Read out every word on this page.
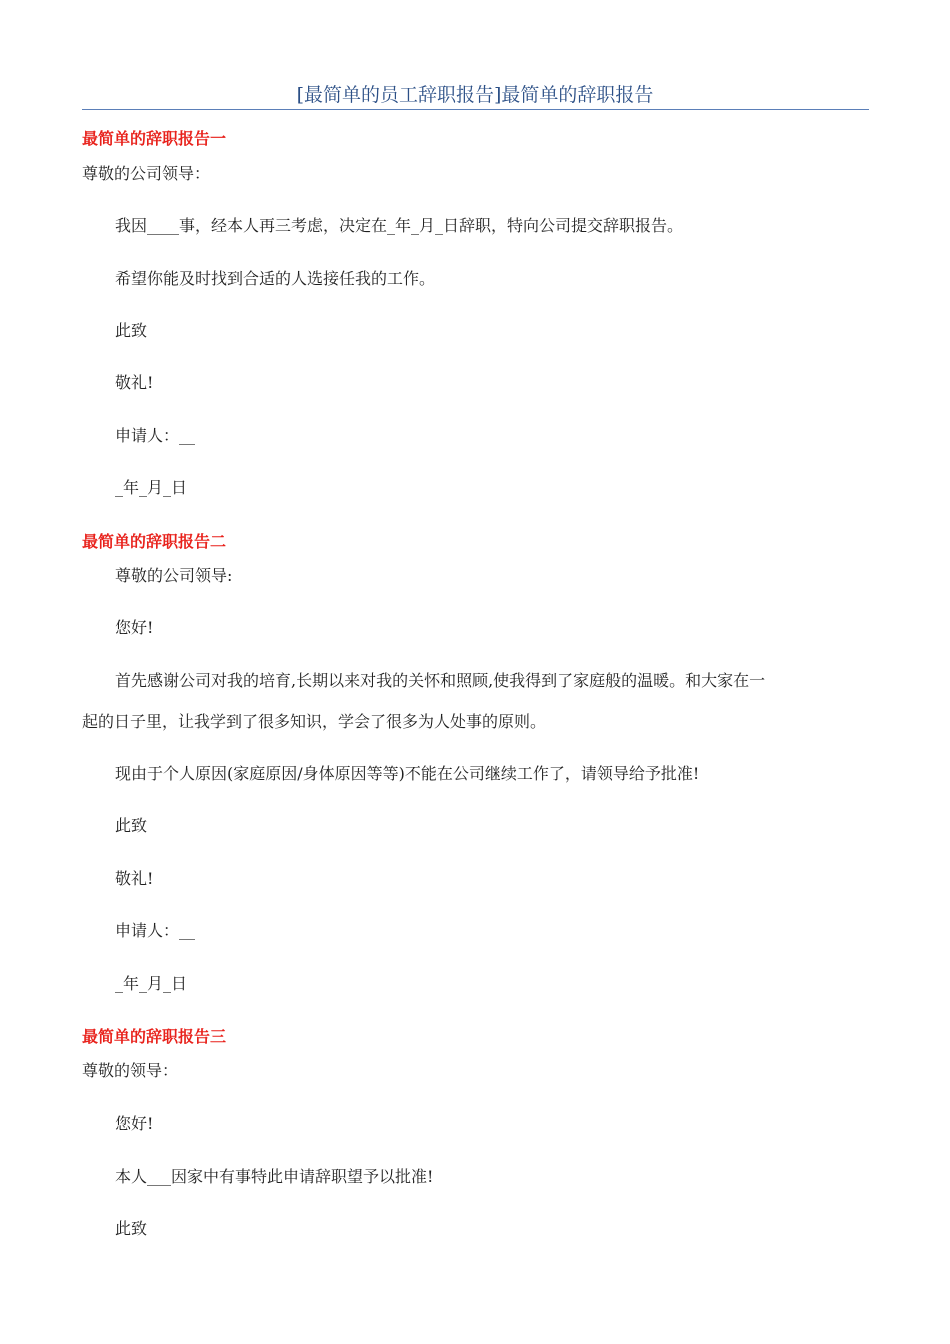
[最简单的员工辞职报告]最简单的辞职报告
最简单的辞职报告一
尊敬的公司领导：
我因____事，经本人再三考虑，决定在_年_月_日辞职，特向公司提交辞职报告。
希望你能及时找到合适的人选接任我的工作。
此致
敬礼!
申请人：__
_年_月_日
最简单的辞职报告二
尊敬的公司领导:
您好!
首先感谢公司对我的培育,长期以来对我的关怀和照顾,使我得到了家庭般的温暖。和大家在一
起的日子里，让我学到了很多知识，学会了很多为人处事的原则。
现由于个人原因(家庭原因/身体原因等等)不能在公司继续工作了，请领导给予批准!
此致
敬礼!
申请人：__
_年_月_日
最简单的辞职报告三
尊敬的领导：
您好!
本人___因家中有事特此申请辞职望予以批准!
此致
